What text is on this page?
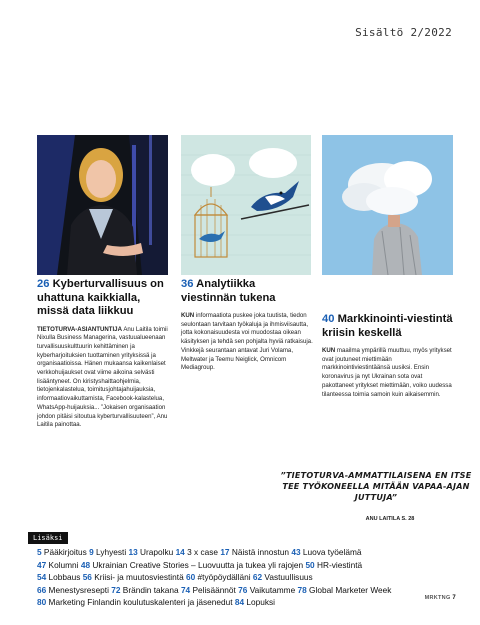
Sisältö 2/2022
26 Kyberturvallisuus on uhattuna kaikkialla, missä data liikkuu

TIETOTURVA-ASIANTUNTIJA Anu Laitila toimii Nixulla Business Managerina, vastuualueenaan turvallisuuskulttuurin kehittäminen ja kyberharjoituksien tuottaminen yrityksissä ja organisaatioissa. Hänen mukaansa kaikenlaiset verkkohuijaukset ovat viime aikoina selvästi lisääntyneet. On kiristyshaittaohjelmia, tietojenkalastelua, toimitusjohtajahuijauksia, informaatiovaikuttamista, Facebook-kalastelua, WhatsApp-huijauksia... ”Jokaisen organisaation johdon pitäisi sitoutua kyberturvallisuuteen”, Anu Laitila painottaa.

36 Analytiikka viestinnän tukena

KUN informaatiota puskee joka tuutista, tiedon seulontaan tarvitaan työkaluja ja ihmisviisautta, jotta kokonaisuudesta voi muodostaa oikean käsityksen ja tehdä sen pohjalta hyviä ratkaisuja. Vinkkejä seurantaan antavat Juri Volama, Meltwater ja Teemu Neiglick, Omnicom Mediagroup.

40 Markkinointi-viestintä kriisin keskellä

KUN maailma ympärillä muuttuu, myös yritykset ovat joutuneet miettimään markkinointiviestintäänsä uusiksi. Ensin koronavirus ja nyt Ukrainan sota ovat pakottaneet yritykset miettimään, voiko uudessa tilanteessa toimia samoin kuin aikaisemmin.

”TIETOTURVA-AMMATTILAISENA EN ITSE TEE TYÖKONEELLA MITÄÄN VAPAA-AJAN JUTTUJA”
ANU LAITILA S. 28
Lisäksi
5 Pääkirjoitus 9 Lyhyesti 13 Urapolku 14 3 x case 17 Näistä innostun 43 Luova työelämä
47 Kolumni 48 Ukrainian Creative Stories – Luovuutta ja tukea yli rajojen 50 HR-viestintä
54 Lobbaus 56 Kriisi- ja muutosviestintä 60 #työpöydälläni 62 Vastuullisuus
66 Menestysresepti 72 Brändin takana 74 Pelisäännöt 76 Vaikutamme 78 Global Marketer Week
80 Marketing Finlandin koulutuskalenteri ja jäsenedut 84 Lopuksi	MRKTNG 7
